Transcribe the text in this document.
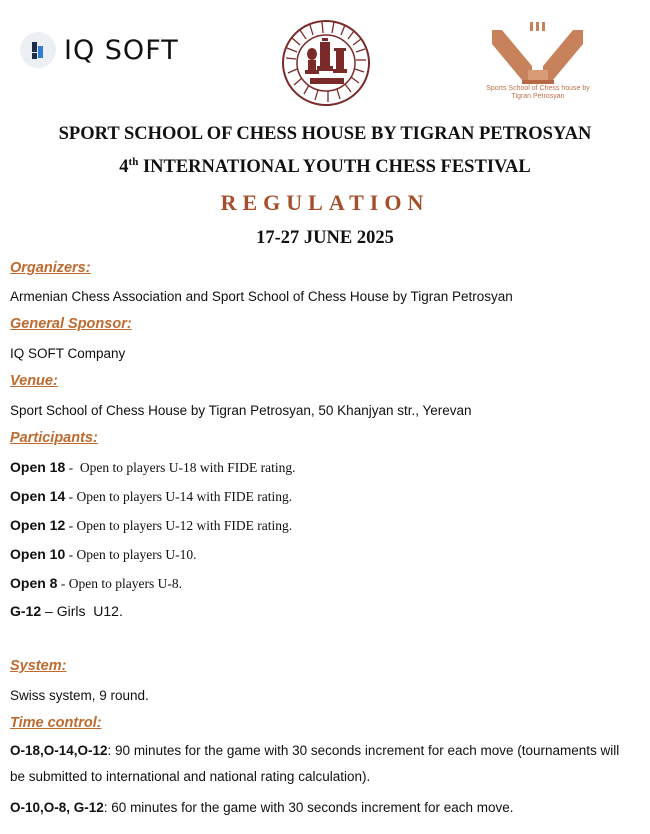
IQ SOFT
Sports School of Chess house by Tigran Petrosyan
SPORT SCHOOL OF CHESS HOUSE BY TIGRAN PETROSYAN
4th INTERNATIONAL YOUTH CHESS FESTIVAL
REGULATION
17-27 JUNE 2025
Organizers:
Armenian Chess Association and Sport School of Chess House by Tigran Petrosyan
General Sponsor:
IQ SOFT Company
Venue:
Sport School of Chess House by Tigran Petrosyan, 50 Khanjyan str., Yerevan
Participants:
Open 18 -  Open to players U-18 with FIDE rating.
Open 14 - Open to players U-14 with FIDE rating.
Open 12 - Open to players U-12 with FIDE rating.
Open 10 - Open to players U-10.
Open 8 - Open to players U-8.
G-12 – Girls  U12.
System:
Swiss system, 9 round.
Time control:
O-18,O-14,O-12: 90 minutes for the game with 30 seconds increment for each move (tournaments will be submitted to international and national rating calculation).
O-10,O-8, G-12: 60 minutes for the game with 30 seconds increment for each move.
